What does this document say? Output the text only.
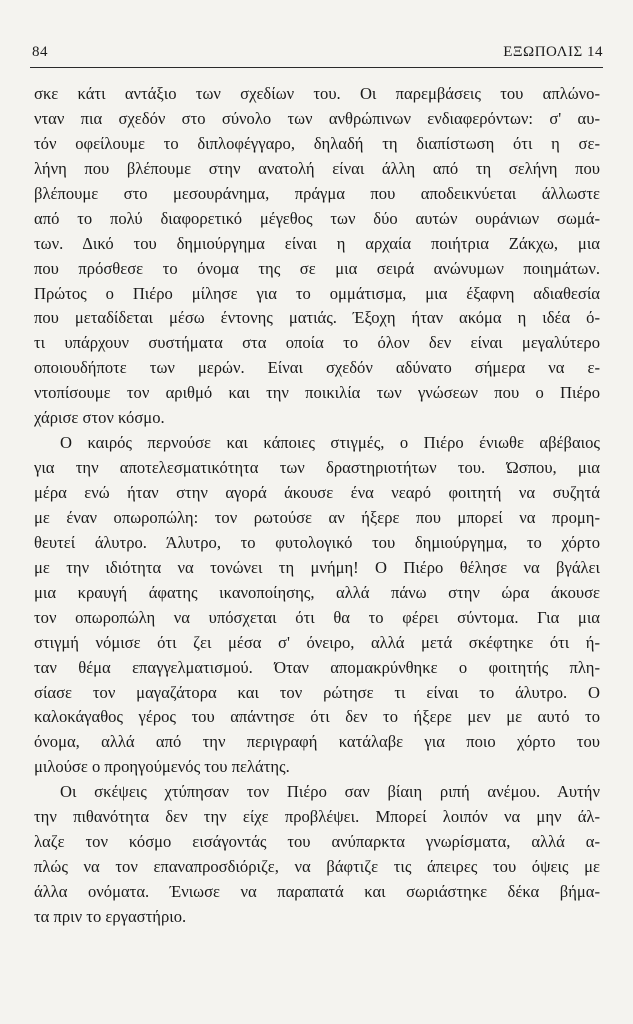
84	ΕΞΩΠΟΛΙΣ 14
σκε κάτι αντάξιο των σχεδίων του. Οι παρεμβάσεις του απλώνο-
νταν πια σχεδόν στο σύνολο των ανθρώπινων ενδιαφερόντων: σ' αυ-
τόν οφείλουμε το διπλοφέγγαρο, δηλαδή τη διαπίστωση ότι η σε-
λήνη που βλέπουμε στην ανατολή είναι άλλη από τη σελήνη που
βλέπουμε στο μεσουράνημα, πράγμα που αποδεικνύεται άλλωστε
από το πολύ διαφορετικό μέγεθος των δύο αυτών ουράνιων σωμά-
των. Δικό του δημιούργημα είναι η αρχαία ποιήτρια Ζάκχω, μια
που πρόσθεσε το όνομα της σε μια σειρά ανώνυμων ποιημάτων.
Πρώτος ο Πιέρο μίλησε για το ομμάτισμα, μια έξαφνη αδιαθεσία
που μεταδίδεται μέσω έντονης ματιάς. Έξοχη ήταν ακόμα η ιδέα ό-
τι υπάρχουν συστήματα στα οποία το όλον δεν είναι μεγαλύτερο
οποιουδήποτε των μερών. Είναι σχεδόν αδύνατο σήμερα να ε-
ντοπίσουμε τον αριθμό και την ποικιλία των γνώσεων που ο Πιέρο
χάρισε στον κόσμο.
Ο καιρός περνούσε και κάποιες στιγμές, ο Πιέρο ένιωθε αβέβαιος
για την αποτελεσματικότητα των δραστηριοτήτων του. Ώσπου, μια
μέρα ενώ ήταν στην αγορά άκουσε ένα νεαρό φοιτητή να συζητά
με έναν οπωροπώλη: τον ρωτούσε αν ήξερε που μπορεί να προμη-
θευτεί άλυτρο. Άλυτρο, το φυτολογικό του δημιούργημα, το χόρτο
με την ιδιότητα να τονώνει τη μνήμη! Ο Πιέρο θέλησε να βγάλει
μια κραυγή άφατης ικανοποίησης, αλλά πάνω στην ώρα άκουσε
τον οπωροπώλη να υπόσχεται ότι θα το φέρει σύντομα. Για μια
στιγμή νόμισε ότι ζει μέσα σ' όνειρο, αλλά μετά σκέφτηκε ότι ή-
ταν θέμα επαγγελματισμού. Όταν απομακρύνθηκε ο φοιτητής πλη-
σίασε τον μαγαζάτορα και τον ρώτησε τι είναι το άλυτρο. Ο
καλοκάγαθος γέρος του απάντησε ότι δεν το ήξερε μεν με αυτό το
όνομα, αλλά από την περιγραφή κατάλαβε για ποιο χόρτο του
μιλούσε ο προηγούμενός του πελάτης.
Οι σκέψεις χτύπησαν τον Πιέρο σαν βίαιη ριπή ανέμου. Αυτήν
την πιθανότητα δεν την είχε προβλέψει. Μπορεί λοιπόν να μην άλ-
λαζε τον κόσμο εισάγοντάς του ανύπαρκτα γνωρίσματα, αλλά α-
πλώς να τον επαναπροσδιόριζε, να βάφτιζε τις άπειρες του όψεις με
άλλα ονόματα. Ένιωσε να παραπατά και σωριάστηκε δέκα βήμα-
τα πριν το εργαστήριο.
